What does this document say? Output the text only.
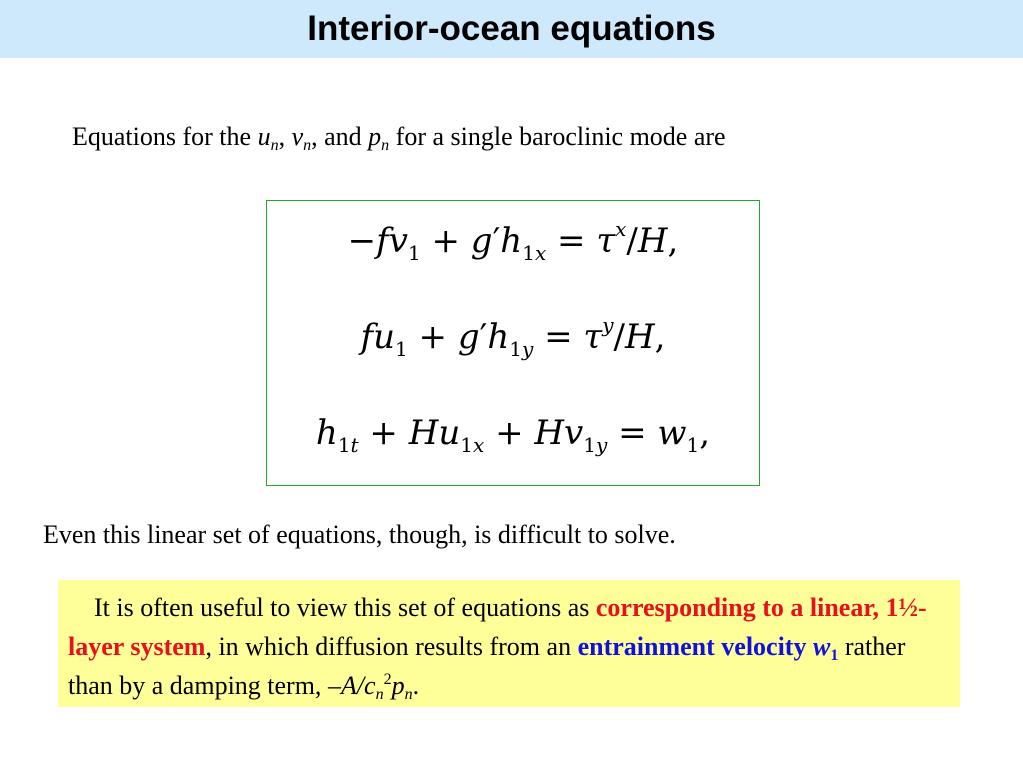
Interior-ocean equations
Equations for the $u_n$, $v_n$, and $p_n$ for a single baroclinic mode are
$-fv_1 + g'h_{1x} = \tau^x/H$,
$fu_1 + g'h_{1y} = \tau^y/H$,
$h_{1t} + Hu_{1x} + Hv_{1y} = w_1$,
Even this linear set of equations, though, is difficult to solve.
It is often useful to view this set of equations as corresponding to a linear, 1½-layer system, in which diffusion results from an entrainment velocity $w_1$ rather than by a damping term, $-A/c_n^2p_n$.
